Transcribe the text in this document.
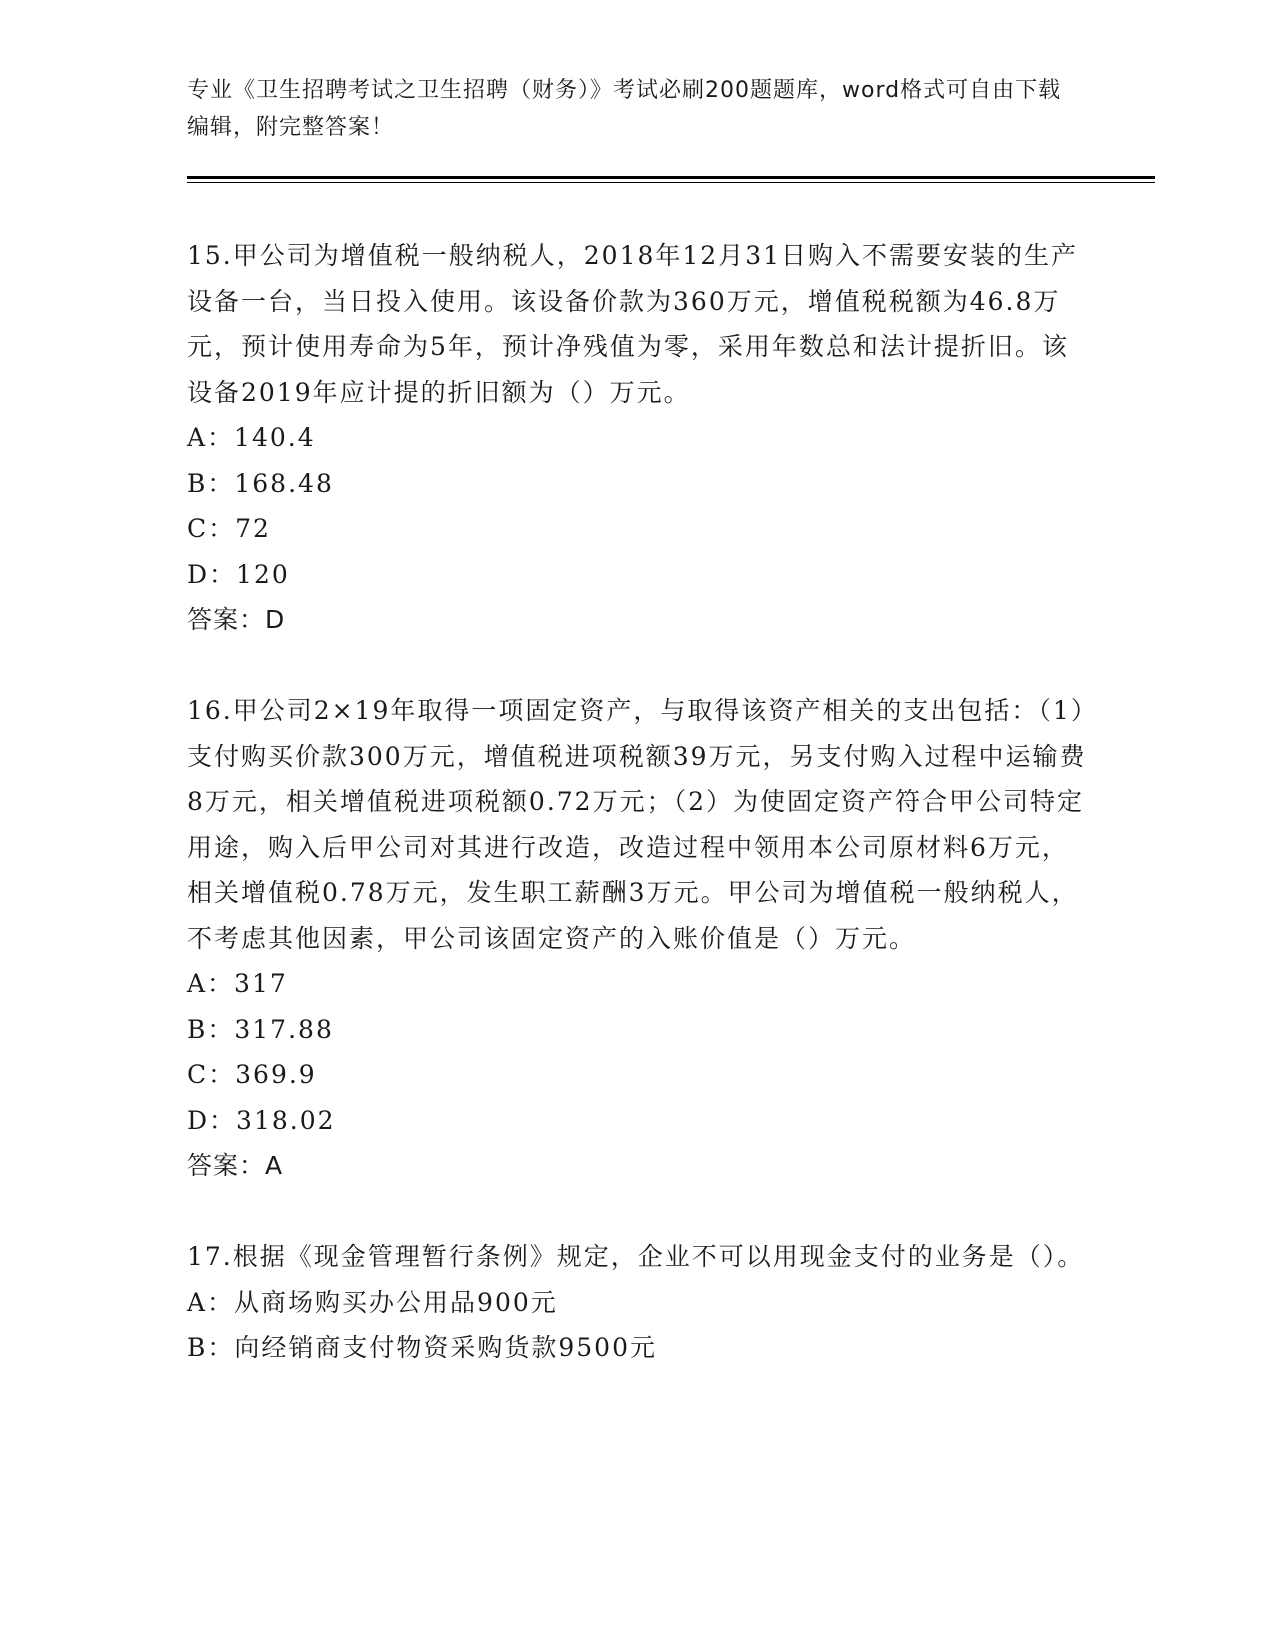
专业《卫生招聘考试之卫生招聘（财务）》考试必刷200题题库，word格式可自由下载编辑，附完整答案！

15.甲公司为增值税一般纳税人，2018年12月31日购入不需要安装的生产设备一台，当日投入使用。该设备价款为360万元，增值税税额为46.8万元，预计使用寿命为5年，预计净残值为零，采用年数总和法计提折旧。该设备2019年应计提的折旧额为（）万元。

A：140.4

B：168.48

C：72

D：120

答案：D

16.甲公司2×19年取得一项固定资产，与取得该资产相关的支出包括：（1）支付购买价款300万元，增值税进项税额39万元，另支付购入过程中运输费8万元，相关增值税进项税额0.72万元；（2）为使固定资产符合甲公司特定用途，购入后甲公司对其进行改造，改造过程中领用本公司原材料6万元，相关增值税0.78万元，发生职工薪酬3万元。甲公司为增值税一般纳税人，不考虑其他因素，甲公司该固定资产的入账价值是（）万元。

A：317

B：317.88

C：369.9

D：318.02

答案：A

17.根据《现金管理暂行条例》规定，企业不可以用现金支付的业务是（）。

A：从商场购买办公用品900元

B：向经销商支付物资采购货款9500元
